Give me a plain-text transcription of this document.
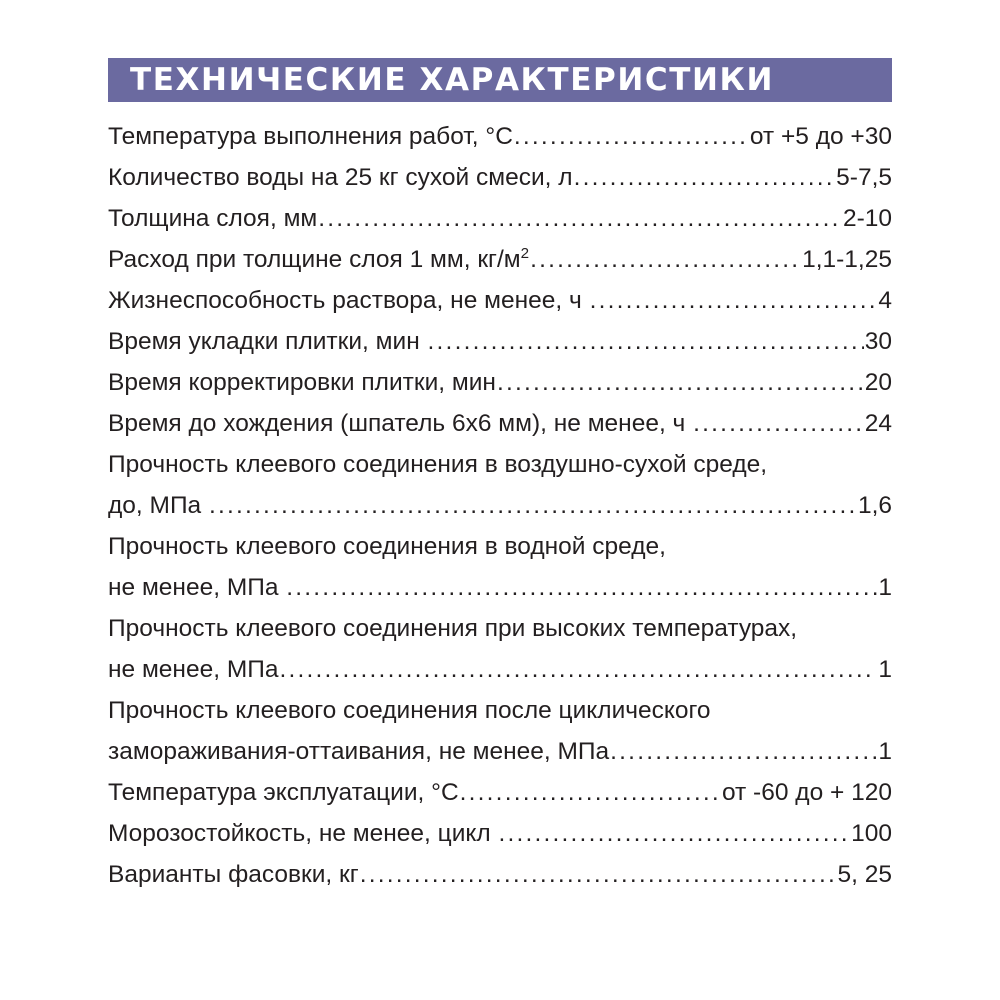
ТЕХНИЧЕСКИЕ ХАРАКТЕРИСТИКИ
Температура выполнения работ, °C .....	от +5 до +30
Количество воды на 25 кг сухой смеси, л .....	5-7,5
Толщина слоя, мм .....	2-10
Расход при толщине слоя 1 мм, $кг/м^2$ .....	1,1-1,25
Жизнеспособность раствора, не менее, ч .....	4
Время укладки плитки, мин .....	30
Время корректировки плитки, мин .....	20
Время до хождения (шпатель 6х6 мм), не менее, ч .....	24
Прочность клеевого соединения в воздушно-сухой среде,
до, МПа .....	1,6
Прочность клеевого соединения в водной среде,
не менее, МПа .....	1
Прочность клеевого соединения при высоких температурах,
не менее, МПа .....	1
Прочность клеевого соединения после циклического
замораживания-оттаивания, не менее, МПа .....	1
Температура эксплуатации, °C .....	от -60 до + 120
Морозостойкость, не менее, цикл .....	100
Варианты фасовки, кг .....	5, 25
